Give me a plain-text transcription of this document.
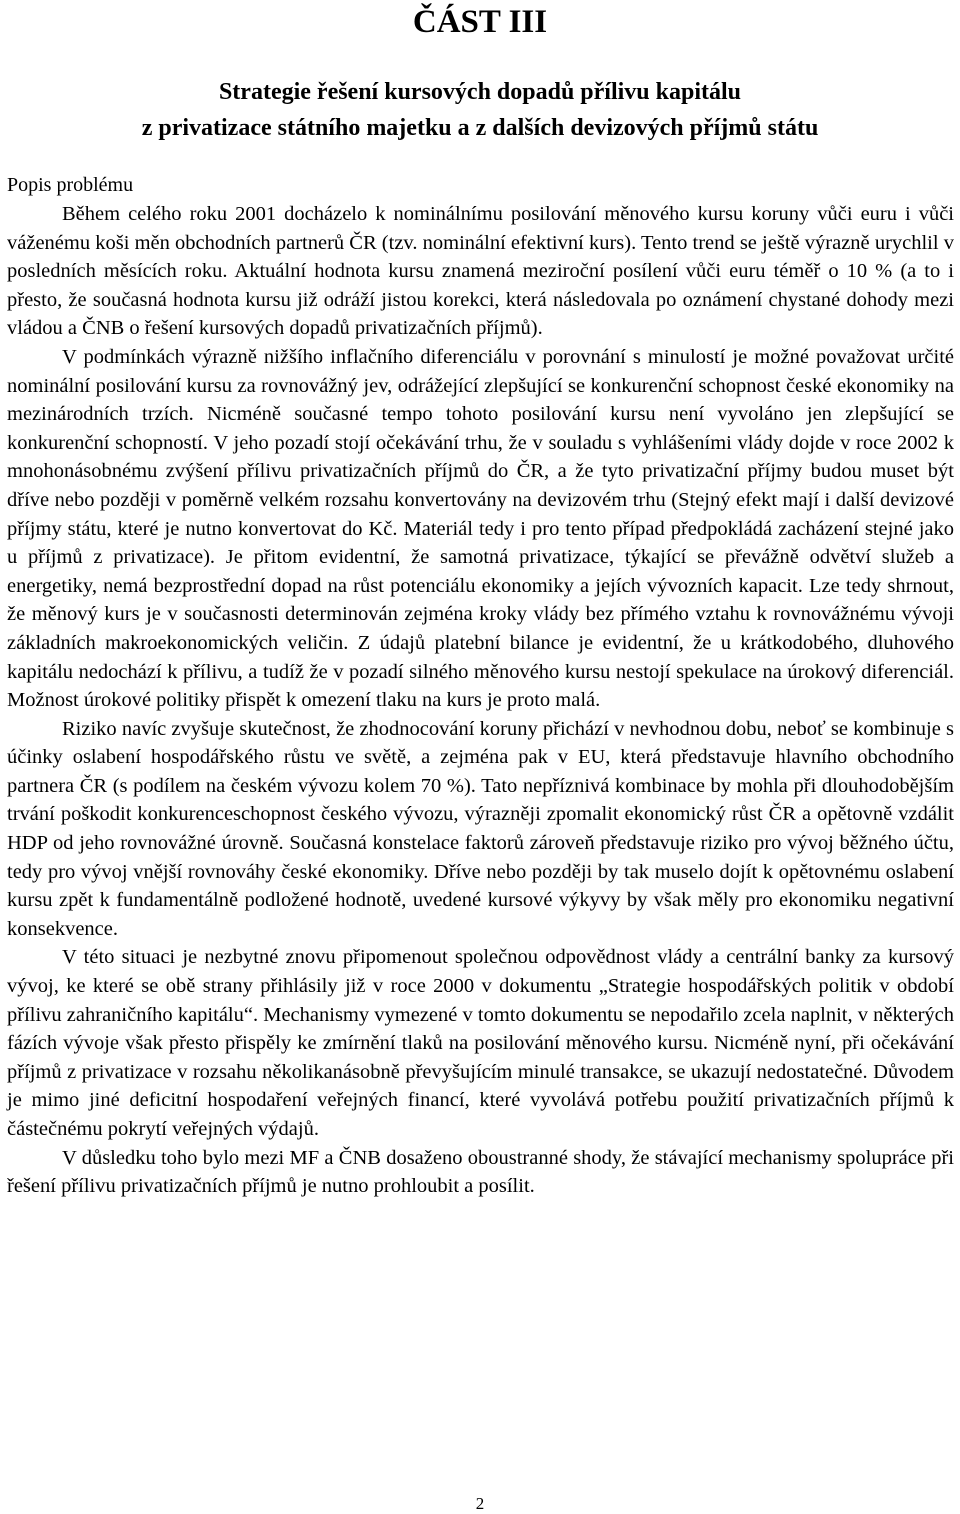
ČÁST III
Strategie řešení kursových dopadů přílivu kapitálu
z privatizace státního majetku a z dalších devizových příjmů státu
Popis problému

Během celého roku 2001 docházelo k nominálnímu posilování měnového kursu koruny vůči euru i vůči váženému koši měn obchodních partnerů ČR (tzv. nominální efektivní kurs). Tento trend se ještě výrazně urychlil v posledních měsících roku. Aktuální hodnota kursu znamená meziroční posílení vůči euru téměř o 10 % (a to i přesto, že současná hodnota kursu již odráží jistou korekci, která následovala po oznámení chystané dohody mezi vládou a ČNB o řešení kursových dopadů privatizačních příjmů).

V podmínkách výrazně nižšího inflačního diferenciálu v porovnání s minulostí je možné považovat určité nominální posilování kursu za rovnovážný jev, odrážející zlepšující se konkurenční schopnost české ekonomiky na mezinárodních trzích. Nicméně současné tempo tohoto posilování kursu není vyvoláno jen zlepšující se konkurenční schopností. V jeho pozadí stojí očekávání trhu, že v souladu s vyhlášeními vlády dojde v roce 2002 k mnohonásobnému zvýšení přílivu privatizačních příjmů do ČR, a že tyto privatizační příjmy budou muset být dříve nebo později v poměrně velkém rozsahu konvertovány na devizovém trhu (Stejný efekt mají i další devizové příjmy státu, které je nutno konvertovat do Kč. Materiál tedy i pro tento případ předpokládá zacházení stejné jako u příjmů z privatizace). Je přitom evidentní, že samotná privatizace, týkající se převážně odvětví služeb a energetiky, nemá bezprostřední dopad na růst potenciálu ekonomiky a jejích vývozních kapacit. Lze tedy shrnout, že měnový kurs je v současnosti determinován zejména kroky vlády bez přímého vztahu k rovnovážnému vývoji základních makroekonomických veličin. Z údajů platební bilance je evidentní, že u krátkodobého, dluhového kapitálu nedochází k přílivu, a tudíž že v pozadí silného měnového kursu nestojí spekulace na úrokový diferenciál. Možnost úrokové politiky přispět k omezení tlaku na kurs je proto malá.

Riziko navíc zvyšuje skutečnost, že zhodnocování koruny přichází v nevhodnou dobu, neboť se kombinuje s účinky oslabení hospodářského růstu ve světě, a zejména pak v EU, která představuje hlavního obchodního partnera ČR (s podílem na českém vývozu kolem 70 %). Tato nepříznivá kombinace by mohla při dlouhodobějším trvání poškodit konkurenceschopnost českého vývozu, výrazněji zpomalit ekonomický růst ČR a opětovně vzdálit HDP od jeho rovnovážné úrovně. Současná konstelace faktorů zároveň představuje riziko pro vývoj běžného účtu, tedy pro vývoj vnější rovnováhy české ekonomiky. Dříve nebo později by tak muselo dojít k opětovnému oslabení kursu zpět k fundamentálně podložené hodnotě, uvedené kursové výkyvy by však měly pro ekonomiku negativní konsekvence.

V této situaci je nezbytné znovu připomenout společnou odpovědnost vlády a centrální banky za kursový vývoj, ke které se obě strany přihlásily již v roce 2000 v dokumentu „Strategie hospodářských politik v období přílivu zahraničního kapitálu“. Mechanismy vymezené v tomto dokumentu se nepodařilo zcela naplnit, v některých fázích vývoje však přesto přispěly ke zmírnění tlaků na posilování měnového kursu. Nicméně nyní, při očekávání příjmů z privatizace v rozsahu několikanásobně převyšujícím minulé transakce, se ukazují nedostatečné. Důvodem je mimo jiné deficitní hospodaření veřejných financí, které vyvolává potřebu použití privatizačních příjmů k částečnému pokrytí veřejných výdajů.

V důsledku toho bylo mezi MF a ČNB dosaženo oboustranné shody, že stávající mechanismy spolupráce při řešení přílivu privatizačních příjmů je nutno prohloubit a posílit.

2
